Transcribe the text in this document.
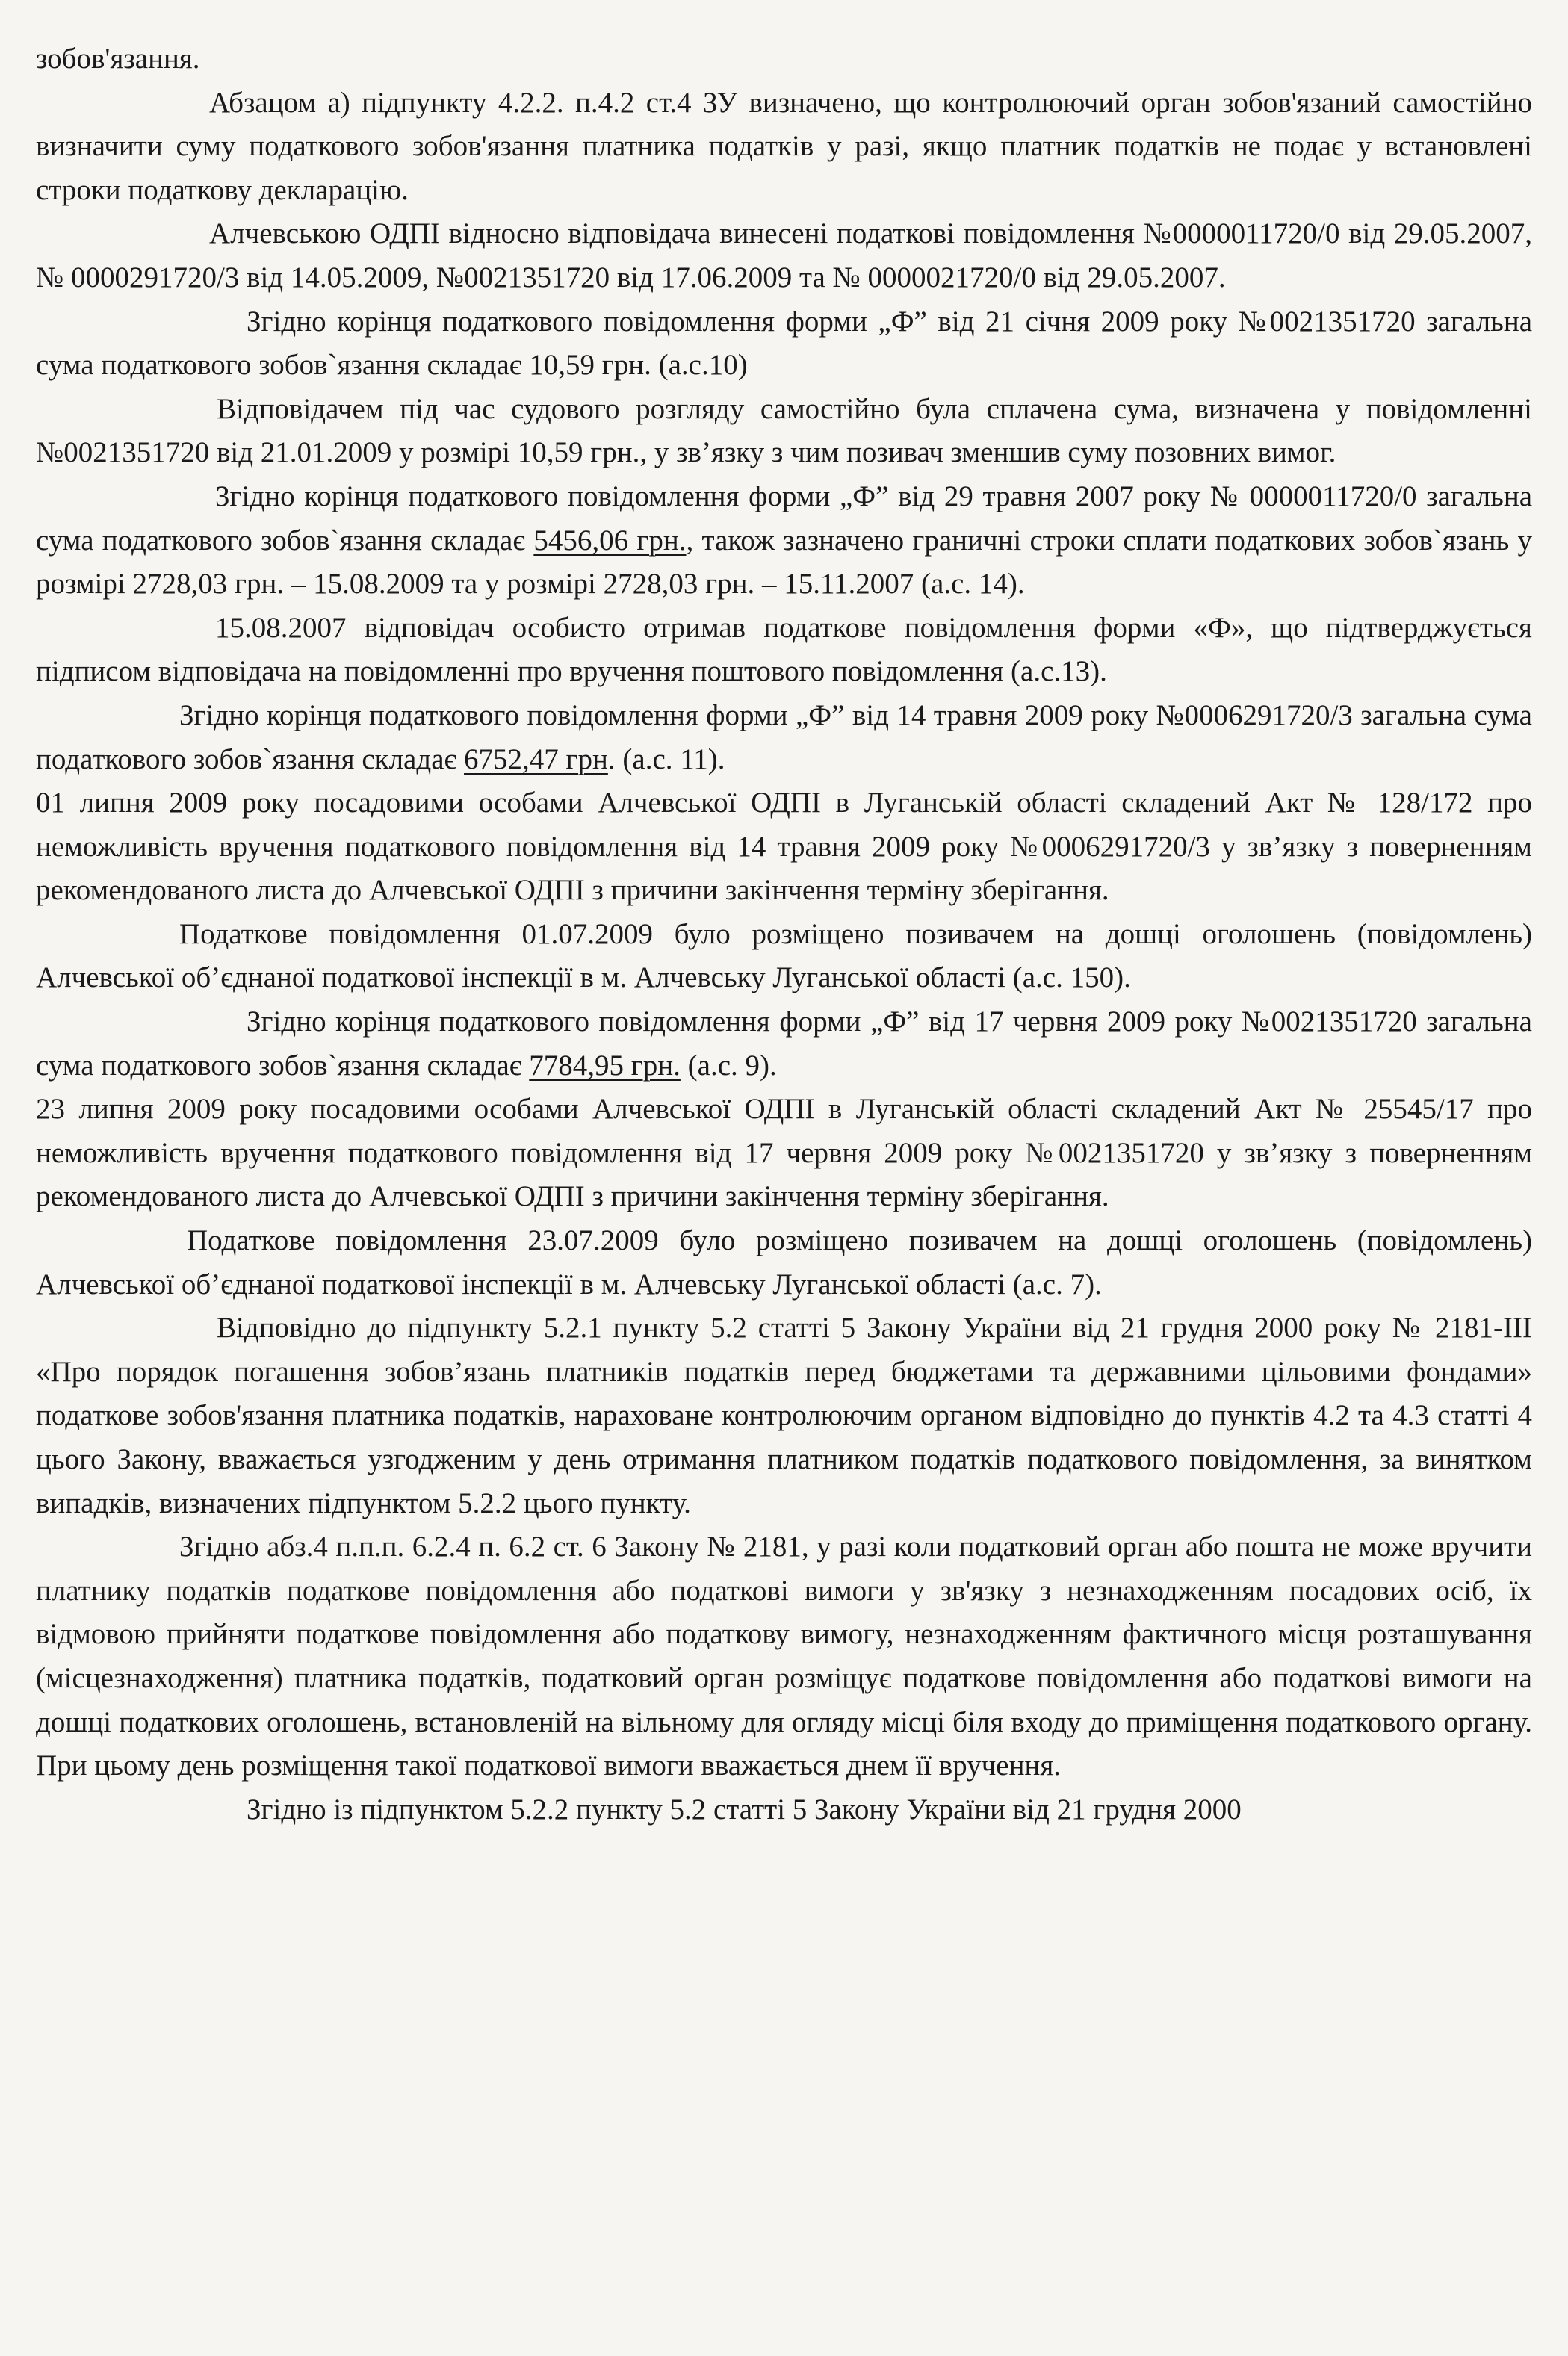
зобов'язання.

Абзацом а) підпункту 4.2.2. п.4.2 ст.4 ЗУ визначено, що контролюючий орган зобов'язаний самостійно визначити суму податкового зобов'язання платника податків у разі, якщо платник податків не подає у встановлені строки податкову декларацію.

Алчевською ОДПІ відносно відповідача винесені податкові повідомлення №0000011720/0 від 29.05.2007, № 0000291720/3 від 14.05.2009, №0021351720 від 17.06.2009 та № 0000021720/0 від 29.05.2007.

Згідно корінця податкового повідомлення форми „Ф” від 21 січня 2009 року №0021351720 загальна сума податкового зобов`язання складає 10,59 грн. (а.с.10)

Відповідачем під час судового розгляду самостійно була сплачена сума, визначена у повідомленні №0021351720 від 21.01.2009 у розмірі 10,59 грн., у зв’язку з чим позивач зменшив суму позовних вимог.

Згідно корінця податкового повідомлення форми „Ф” від 29 травня 2007 року № 0000011720/0 загальна сума податкового зобов`язання складає 5456,06 грн., також зазначено граничні строки сплати податкових зобов`язань у розмірі 2728,03 грн. – 15.08.2009 та у розмірі 2728,03 грн. – 15.11.2007 (а.с. 14).

15.08.2007 відповідач особисто отримав податкове повідомлення форми «Ф», що підтверджується підписом відповідача на повідомленні про вручення поштового повідомлення (а.с.13).

Згідно корінця податкового повідомлення форми „Ф” від 14 травня 2009 року №0006291720/3 загальна сума податкового зобов`язання складає 6752,47 грн. (а.с. 11).

01 липня 2009 року посадовими особами Алчевської ОДПІ в Луганській області складений Акт № 128/172 про неможливість вручення податкового повідомлення від 14 травня 2009 року №0006291720/3 у зв’язку з поверненням рекомендованого листа до Алчевської ОДПІ з причини закінчення терміну зберігання.

Податкове повідомлення 01.07.2009 було розміщено позивачем на дошці оголошень (повідомлень) Алчевської об’єднаної податкової інспекції в м. Алчевську Луганської області (а.с. 150).

Згідно корінця податкового повідомлення форми „Ф” від 17 червня 2009 року №0021351720 загальна сума податкового зобов`язання складає 7784,95 грн. (а.с. 9).

23 липня 2009 року посадовими особами Алчевської ОДПІ в Луганській області складений Акт № 25545/17 про неможливість вручення податкового повідомлення від 17 червня 2009 року №0021351720 у зв’язку з поверненням рекомендованого листа до Алчевської ОДПІ з причини закінчення терміну зберігання.

Податкове повідомлення 23.07.2009 було розміщено позивачем на дошці оголошень (повідомлень) Алчевської об’єднаної податкової інспекції в м. Алчевську Луганської області (а.с. 7).

Відповідно до підпункту 5.2.1 пункту 5.2 статті 5 Закону України від 21 грудня 2000 року № 2181-III «Про порядок погашення зобов’язань платників податків перед бюджетами та державними цільовими фондами» податкове зобов'язання платника податків, нараховане контролюючим органом відповідно до пунктів 4.2 та 4.3 статті 4 цього Закону, вважається узгодженим у день отримання платником податків податкового повідомлення, за винятком випадків, визначених підпунктом 5.2.2 цього пункту.

Згідно абз.4 п.п.п. 6.2.4 п. 6.2 ст. 6 Закону № 2181, у разі коли податковий орган або пошта не може вручити платнику податків податкове повідомлення або податкові вимоги у зв'язку з незнаходженням посадових осіб, їх відмовою прийняти податкове повідомлення або податкову вимогу, незнаходженням фактичного місця розташування (місцезнаходження) платника податків, податковий орган розміщує податкове повідомлення або податкові вимоги на дошці податкових оголошень, встановленій на вільному для огляду місці біля входу до приміщення податкового органу. При цьому день розміщення такої податкової вимоги вважається днем її вручення.

Згідно із підпунктом 5.2.2 пункту 5.2 статті 5 Закону України від 21 грудня 2000
